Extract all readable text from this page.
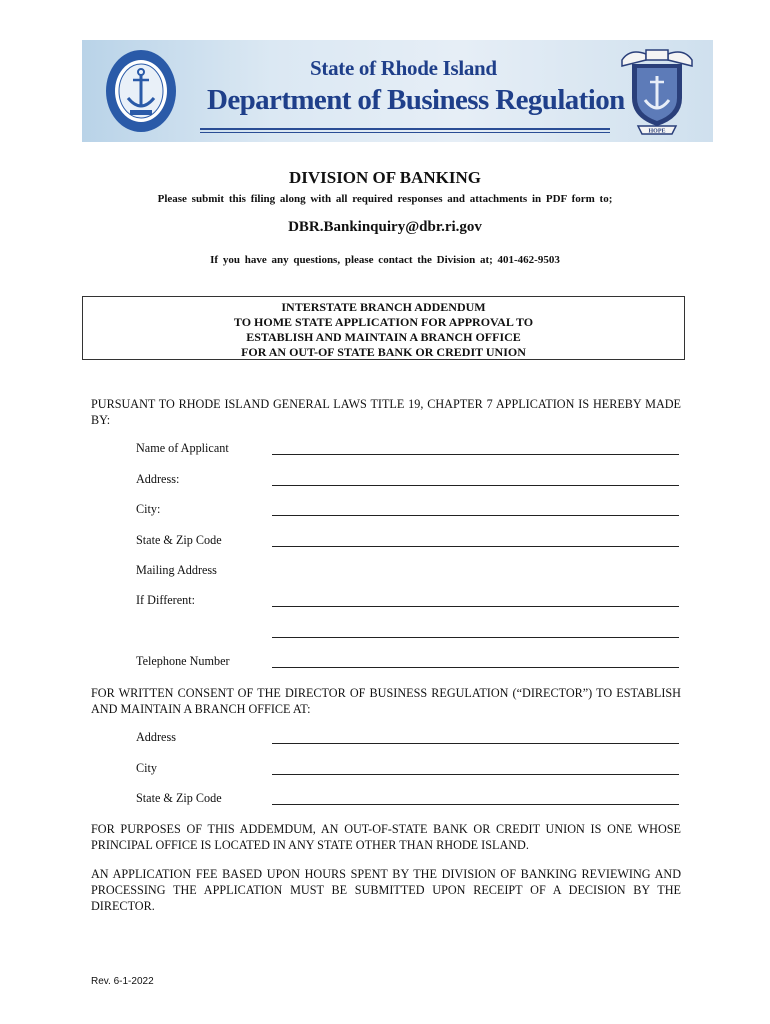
State of Rhode Island
Department of Business Regulation
HOPE
DIVISION OF BANKING
Please submit this filing along with all required responses and attachments in PDF form to;
DBR.Bankinquiry@dbr.ri.gov
If you have any questions, please contact the Division at; 401-462-9503
INTERSTATE BRANCH ADDENDUM
TO HOME STATE APPLICATION FOR APPROVAL TO
ESTABLISH AND MAINTAIN A BRANCH OFFICE
FOR AN OUT-OF STATE BANK OR CREDIT UNION
PURSUANT TO RHODE ISLAND GENERAL LAWS TITLE 19, CHAPTER 7 APPLICATION IS HEREBY MADE BY:
Name of Applicant
Address:
City:
State & Zip Code
Mailing Address
If Different:
Telephone Number
FOR WRITTEN CONSENT OF THE DIRECTOR OF BUSINESS REGULATION (“DIRECTOR”) TO ESTABLISH AND MAINTAIN A BRANCH OFFICE AT:
Address
City
State & Zip Code
FOR PURPOSES OF THIS ADDEMDUM, AN OUT-OF-STATE BANK OR CREDIT UNION IS ONE WHOSE PRINCIPAL OFFICE IS LOCATED IN ANY STATE OTHER THAN RHODE ISLAND.
AN APPLICATION FEE BASED UPON HOURS SPENT BY THE DIVISION OF BANKING REVIEWING AND PROCESSING THE APPLICATION MUST BE SUBMITTED UPON RECEIPT OF A DECISION BY THE DIRECTOR.
Rev. 6-1-2022
